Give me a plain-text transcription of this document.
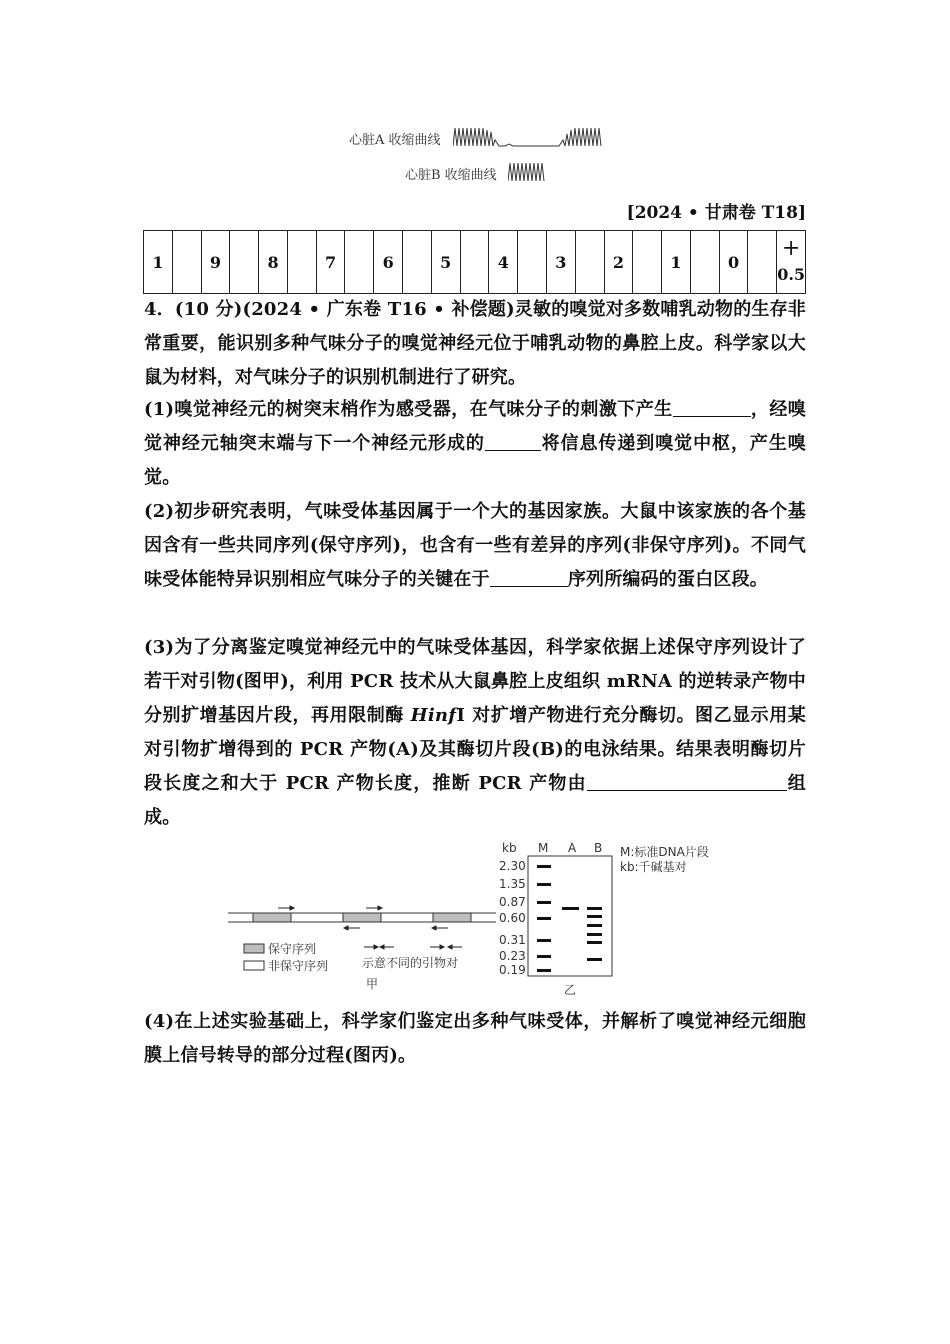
心脏A 收缩曲线
心脏B 收缩曲线
[2024 • 甘肃卷 T18]
1		9		8		7		6		5		4		3		2		1		0		
+
0.5
4．(10 分)(2024 • 广东卷 T16 • 补偿题)灵敏的嗅觉对多数哺乳动物的生存非常重要，能识别多种气味分子的嗅觉神经元位于哺乳动物的鼻腔上皮。科学家以大鼠为材料，对气味分子的识别机制进行了研究。
(1)嗅觉神经元的树突末梢作为感受器，在气味分子的刺激下产生	，经嗅觉神经元轴突末端与下一个神经元形成的	将信息传递到嗅觉中枢，产生嗅觉。
(2)初步研究表明，气味受体基因属于一个大的基因家族。大鼠中该家族的各个基因含有一些共同序列(保守序列)，也含有一些有差异的序列(非保守序列)。不同气味受体能特异识别相应气味分子的关键在于	序列所编码的蛋白区段。
(3)为了分离鉴定嗅觉神经元中的气味受体基因，科学家依据上述保守序列设计了若干对引物(图甲)，利用 PCR 技术从大鼠鼻腔上皮组织 mRNA 的逆转录产物中分别扩增基因片段，再用限制酶 HinfⅠ 对扩增产物进行充分酶切。图乙显示用某对引物扩增得到的 PCR 产物(A)及其酶切片段(B)的电泳结果。结果表明酶切片段长度之和大于 PCR 产物长度，推断 PCR 产物由	组成。
保守序列
非保守序列	示意不同的引物对
甲
kb M A B
2.30
1.35
0.87
0.60
0.31
0.23
0.19
M:标准DNA片段
kb:千碱基对
乙
(4)在上述实验基础上，科学家们鉴定出多种气味受体，并解析了嗅觉神经元细胞膜上信号转导的部分过程(图丙)。
